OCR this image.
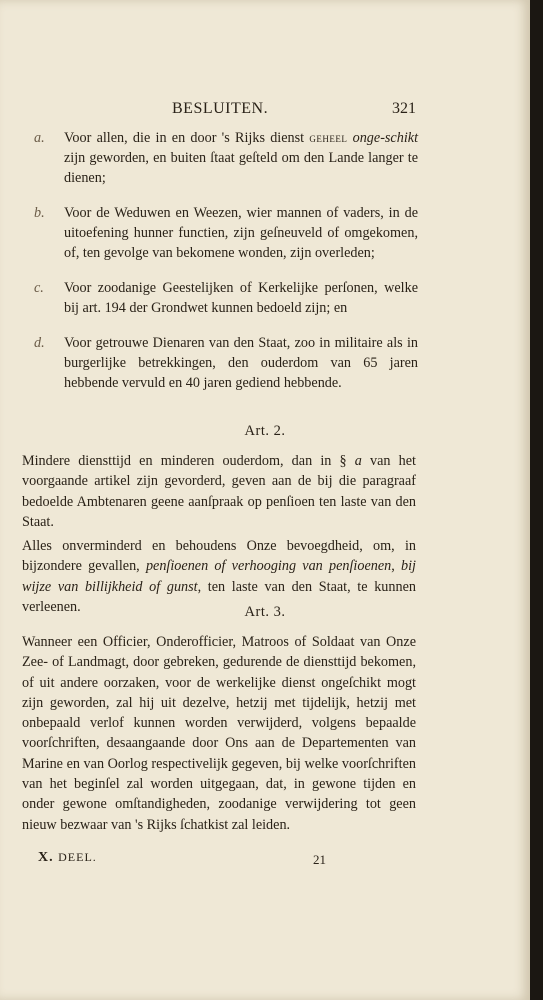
BESLUITEN.	321
a.	Voor allen, die in en door 's Rijks dienst geheel onge-schikt zijn geworden, en buiten ſtaat geſteld om den Lande langer te dienen;
b.	Voor de Weduwen en Weezen, wier mannen of vaders, in de uitoefening hunner functien, zijn geſneuveld of omgekomen, of, ten gevolge van bekomene wonden, zijn overleden;
c.	Voor zoodanige Geestelijken of Kerkelijke perſonen, welke bij art. 194 der Grondwet kunnen bedoeld zijn; en
d.	Voor getrouwe Dienaren van den Staat, zoo in militaire als in burgerlijke betrekkingen, den ouderdom van 65 jaren hebbende vervuld en 40 jaren gediend hebbende.
Art. 2.
Mindere diensttijd en minderen ouderdom, dan in § a van het voorgaande artikel zijn gevorderd, geven aan de bij die paragraaf bedoelde Ambtenaren geene aanſpraak op penſioen ten laste van den Staat.
Alles onverminderd en behoudens Onze bevoegdheid, om, in bijzondere gevallen, penſioenen of verhooging van penſioenen, bij wijze van billijkheid of gunst, ten laste van den Staat, te kunnen verleenen.	Art. 3.
Wanneer een Officier, Onderofficier, Matroos of Soldaat van Onze Zee- of Landmagt, door gebreken, gedurende de diensttijd bekomen, of uit andere oorzaken, voor de werkelijke dienst ongeſchikt mogt zijn geworden, zal hij uit dezelve, hetzij met tijdelijk, hetzij met onbepaald verlof kunnen worden verwijderd, volgens bepaalde voorſchriften, desaangaande door Ons aan de Departementen van Marine en van Oorlog respectivelijk gegeven, bij welke voorſchriften van het beginſel zal worden uitgegaan, dat, in gewone tijden en onder gewone omſtandigheden, zoodanige verwijdering tot geen nieuw bezwaar van 's Rijks ſchatkist zal leiden.
X. DEEL.	21
